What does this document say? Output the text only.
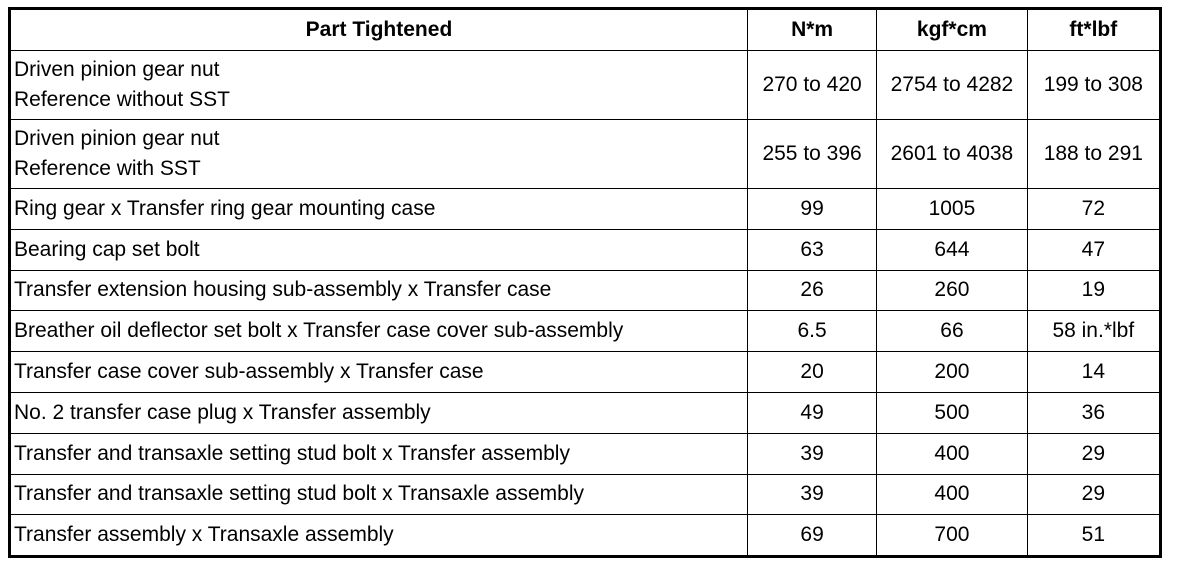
Part Tightened	N*m	kgf*cm	ft*lbf

Driven pinion gear nut
Reference without SST	270 to 420	2754 to 4282	199 to 308

Driven pinion gear nut
Reference with SST	255 to 396	2601 to 4038	188 to 291
Ring gear x Transfer ring gear mounting case	99	1005	72
Bearing cap set bolt	63	644	47
Transfer extension housing sub-assembly x Transfer case	26	260	19
Breather oil deflector set bolt x Transfer case cover sub-assembly	6.5	66	58 in.*lbf
Transfer case cover sub-assembly x Transfer case	20	200	14
No. 2 transfer case plug x Transfer assembly	49	500	36
Transfer and transaxle setting stud bolt x Transfer assembly	39	400	29
Transfer and transaxle setting stud bolt x Transaxle assembly	39	400	29
Transfer assembly x Transaxle assembly	69	700	51
